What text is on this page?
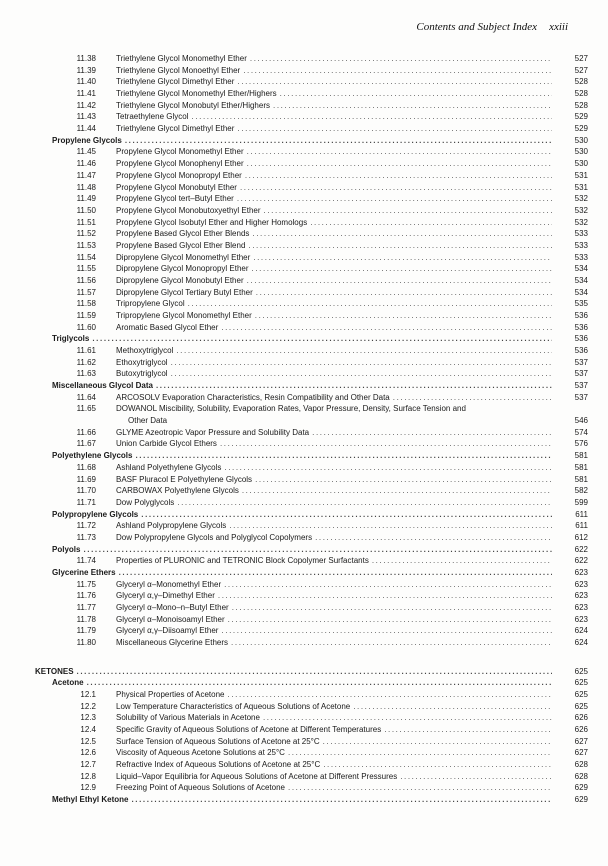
Contents and Subject Index xxiii
11.38	Triethylene Glycol Monomethyl Ether .....	527
11.39	Triethylene Glycol Monoethyl Ether .....	527
11.40	Triethylene Glycol Dimethyl Ether .....	528
11.41	Triethylene Glycol Monomethyl Ether/Highers .....	528
11.42	Triethylene Glycol Monobutyl Ether/Highers .....	528
11.43	Tetraethylene Glycol .....	529
11.44	Triethylene Glycol Dimethyl Ether .....	529
Propylene Glycols .....	530
11.45	Propylene Glycol Monomethyl Ether .....	530
11.46	Propylene Glycol Monophenyl Ether .....	530
11.47	Propylene Glycol Monopropyl Ether .....	531
11.48	Propylene Glycol Monobutyl Ether .....	531
11.49	Propylene Glycol tert–Butyl Ether .....	532
11.50	Propylene Glycol Monobutoxyethyl Ether .....	532
11.51	Propylene Glycol Isobutyl Ether and Higher Homologs .....	532
11.52	Propylene Based Glycol Ether Blends .....	533
11.53	Propylene Based Glycol Ether Blend .....	533
11.54	Dipropylene Glycol Monomethyl Ether .....	533
11.55	Dipropylene Glycol Monopropyl Ether .....	534
11.56	Dipropylene Glycol Monobutyl Ether .....	534
11.57	Dipropylene Glycol Tertiary Butyl Ether .....	534
11.58	Tripropylene Glycol .....	535
11.59	Tripropylene Glycol Monomethyl Ether .....	536
11.60	Aromatic Based Glycol Ether .....	536
Triglycols .....	536
11.61	Methoxytriglycol .....	536
11.62	Ethoxytriglycol .....	537
11.63	Butoxytriglycol .....	537
Miscellaneous Glycol Data .....	537
11.64	ARCOSOLV Evaporation Characteristics, Resin Compatibility and Other Data .....	537
11.65	DOWANOL Miscibility, Solubility, Evaporation Rates, Vapor Pressure, Density, Surface Tension and
Other Data	546
11.66	GLYME Azeotropic Vapor Pressure and Solubility Data .....	574
11.67	Union Carbide Glycol Ethers .....	576
Polyethylene Glycols .....	581
11.68	Ashland Polyethylene Glycols .....	581
11.69	BASF Pluracol E Polyethylene Glycols .....	581
11.70	CARBOWAX Polyethylene Glycols .....	582
11.71	Dow Polyglycols .....	599
Polypropylene Glycols .....	611
11.72	Ashland Polypropylene Glycols .....	611
11.73	Dow Polypropylene Glycols and Polyglycol Copolymers .....	612
Polyols .....	622
11.74	Properties of PLURONIC and TETRONIC Block Copolymer Surfactants .....	622
Glycerine Ethers .....	623
11.75	Glyceryl α–Monomethyl Ether .....	623
11.76	Glyceryl α,γ–Dimethyl Ether .....	623
11.77	Glyceryl α–Mono–n–Butyl Ether .....	623
11.78	Glyceryl α–Monoisoamyl Ether .....	623
11.79	Glyceryl α,γ–Diisoamyl Ether .....	624
11.80	Miscellaneous Glycerine Ethers .....	624
KETONES .....	625
Acetone .....	625
12.1	Physical Properties of Acetone .....	625
12.2	Low Temperature Characteristics of Aqueous Solutions of Acetone .....	625
12.3	Solubility of Various Materials in Acetone .....	626
12.4	Specific Gravity of Aqueous Solutions of Acetone at Different Temperatures .....	626
12.5	Surface Tension of Aqueous Solutions of Acetone at 25°C .....	627
12.6	Viscosity of Aqueous Acetone Solutions at 25°C .....	627
12.7	Refractive Index of Aqueous Solutions of Acetone at 25°C .....	628
12.8	Liquid–Vapor Equilibria for Aqueous Solutions of Acetone at Different Pressures .....	628
12.9	Freezing Point of Aqueous Solutions of Acetone .....	629
Methyl Ethyl Ketone .....	629
